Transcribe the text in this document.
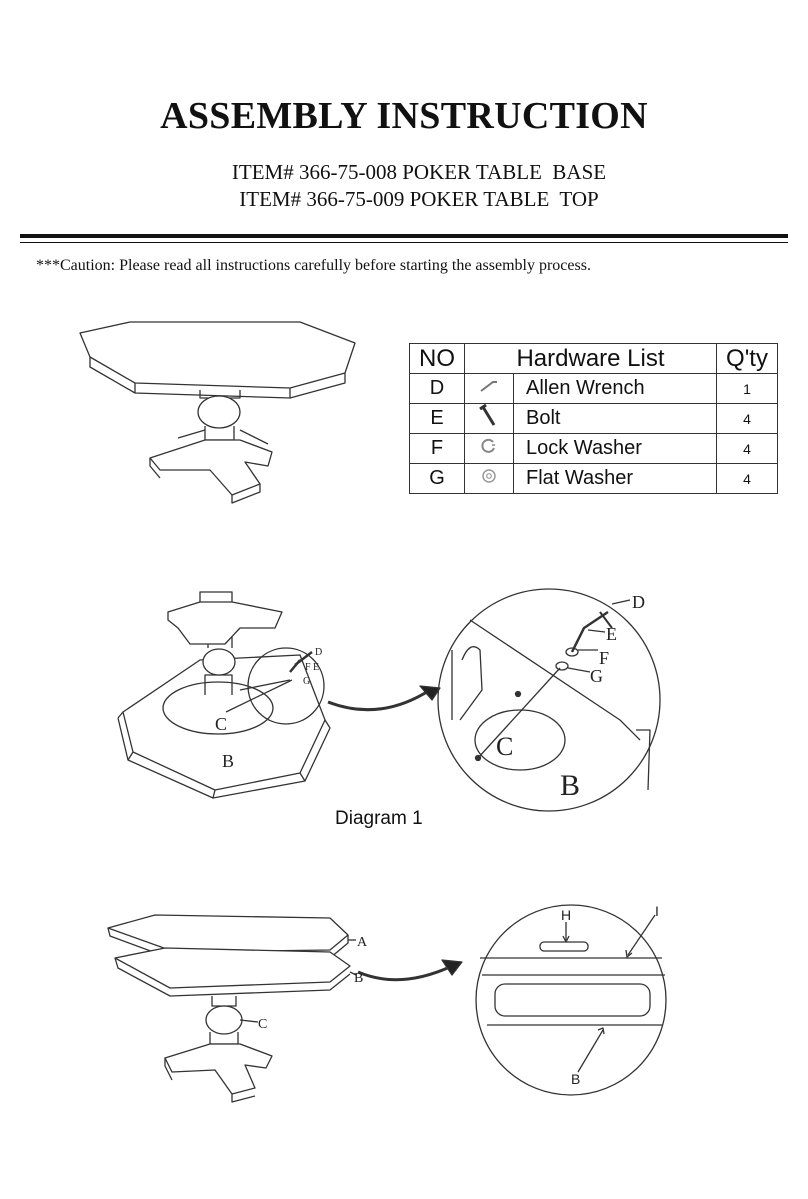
ASSEMBLY INSTRUCTION
ITEM# 366-75-008 POKER TABLE  BASE
ITEM# 366-75-009 POKER TABLE  TOP
***Caution: Please read all instructions carefully before starting the assembly process.
NO	Hardware List		Q'ty
D		Allen Wrench	1
E		Bolt	4
F		Lock Washer	4
G		Flat Washer	4
B
C
D
E
F
G
B
C
D
E
F
G
A
B
C
H	I
B
Diagram 1
